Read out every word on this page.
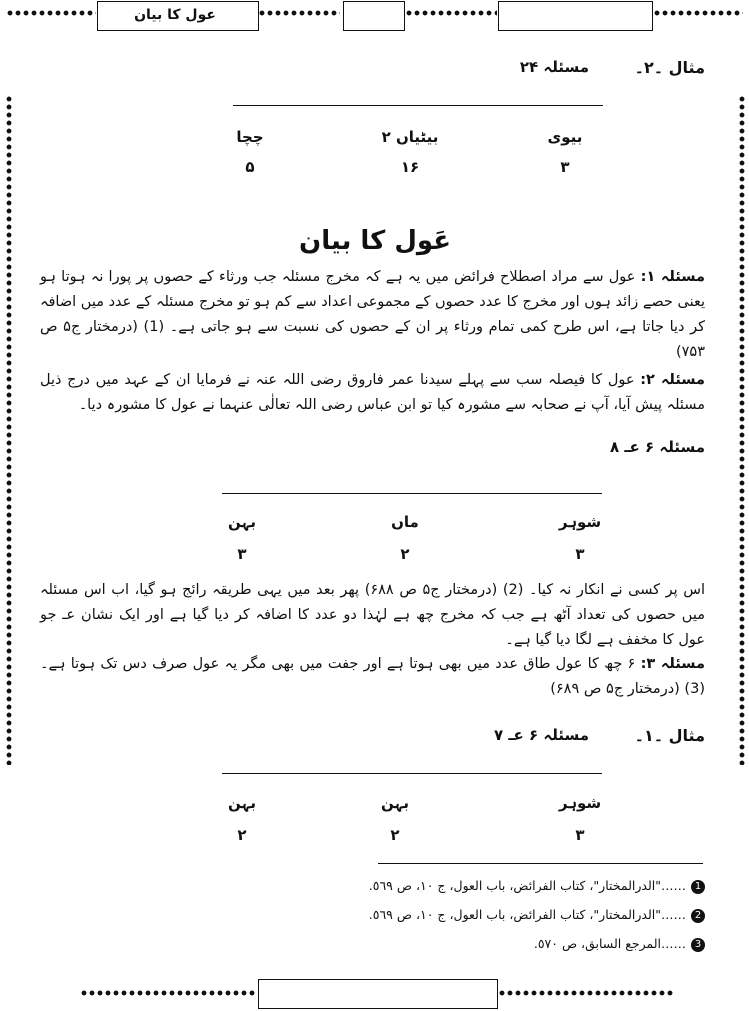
عول کا بیان
مثال ۔۲۔
مسئلہ ۲۴
بیوی
بیٹیاں ۲
چچا
۳
۱۶
۵
عَول کا بیان
مسئلہ ۱: عول سے مراد اصطلاح فرائض میں یہ ہے کہ مخرج مسئلہ جب ورثاء کے حصوں پر پورا نہ ہوتا ہو یعنی حصے زائد ہوں اور مخرج کا عدد حصوں کے مجموعی اعداد سے کم ہو تو مخرج مسئلہ کے عدد میں اضافہ کر دیا جاتا ہے، اس طرح کمی تمام ورثاء پر ان کے حصوں کی نسبت سے ہو جاتی ہے۔ (1) (درمختار ج۵ ص ۷۵۳)
مسئلہ ۲: عول کا فیصلہ سب سے پہلے سیدنا عمر فاروق رضی اللہ عنہ نے فرمایا ان کے عہد میں درج ذیل مسئلہ پیش آیا، آپ نے صحابہ سے مشورہ کیا تو ابن عباس رضی اللہ تعالٰی عنہما نے عول کا مشورہ دیا۔
مسئلہ ۶ عـ ۸
شوہر
ماں
بہن
۳
۲
۳
اس پر کسی نے انکار نہ کیا۔ (2) (درمختار ج۵ ص ۶۸۸) پھر بعد میں یہی طریقہ رائج ہو گیا، اب اس مسئلہ میں حصوں کی تعداد آٹھ ہے جب کہ مخرج چھ ہے لہٰذا دو عدد کا اضافہ کر دیا گیا ہے اور ایک نشان عـ جو عول کا مخفف ہے لگا دیا گیا ہے۔
مسئلہ ۳: ۶ چھ کا عول طاق عدد میں بھی ہوتا ہے اور جفت میں بھی مگر یہ عول صرف دس تک ہوتا ہے۔ (3) (درمختار ج۵ ص ۶۸۹)
مثال ۔۱۔
مسئلہ ۶ عـ ۷
شوہر
بہن
بہن
۳
۲
۲
1……"الدرالمختار"، كتاب الفرائض، باب العول، ج ١٠، ص ٥٦٩.
2……"الدرالمختار"، كتاب الفرائض، باب العول، ج ١٠، ص ٥٦٩.
3……المرجع السابق، ص ٥٧٠.
